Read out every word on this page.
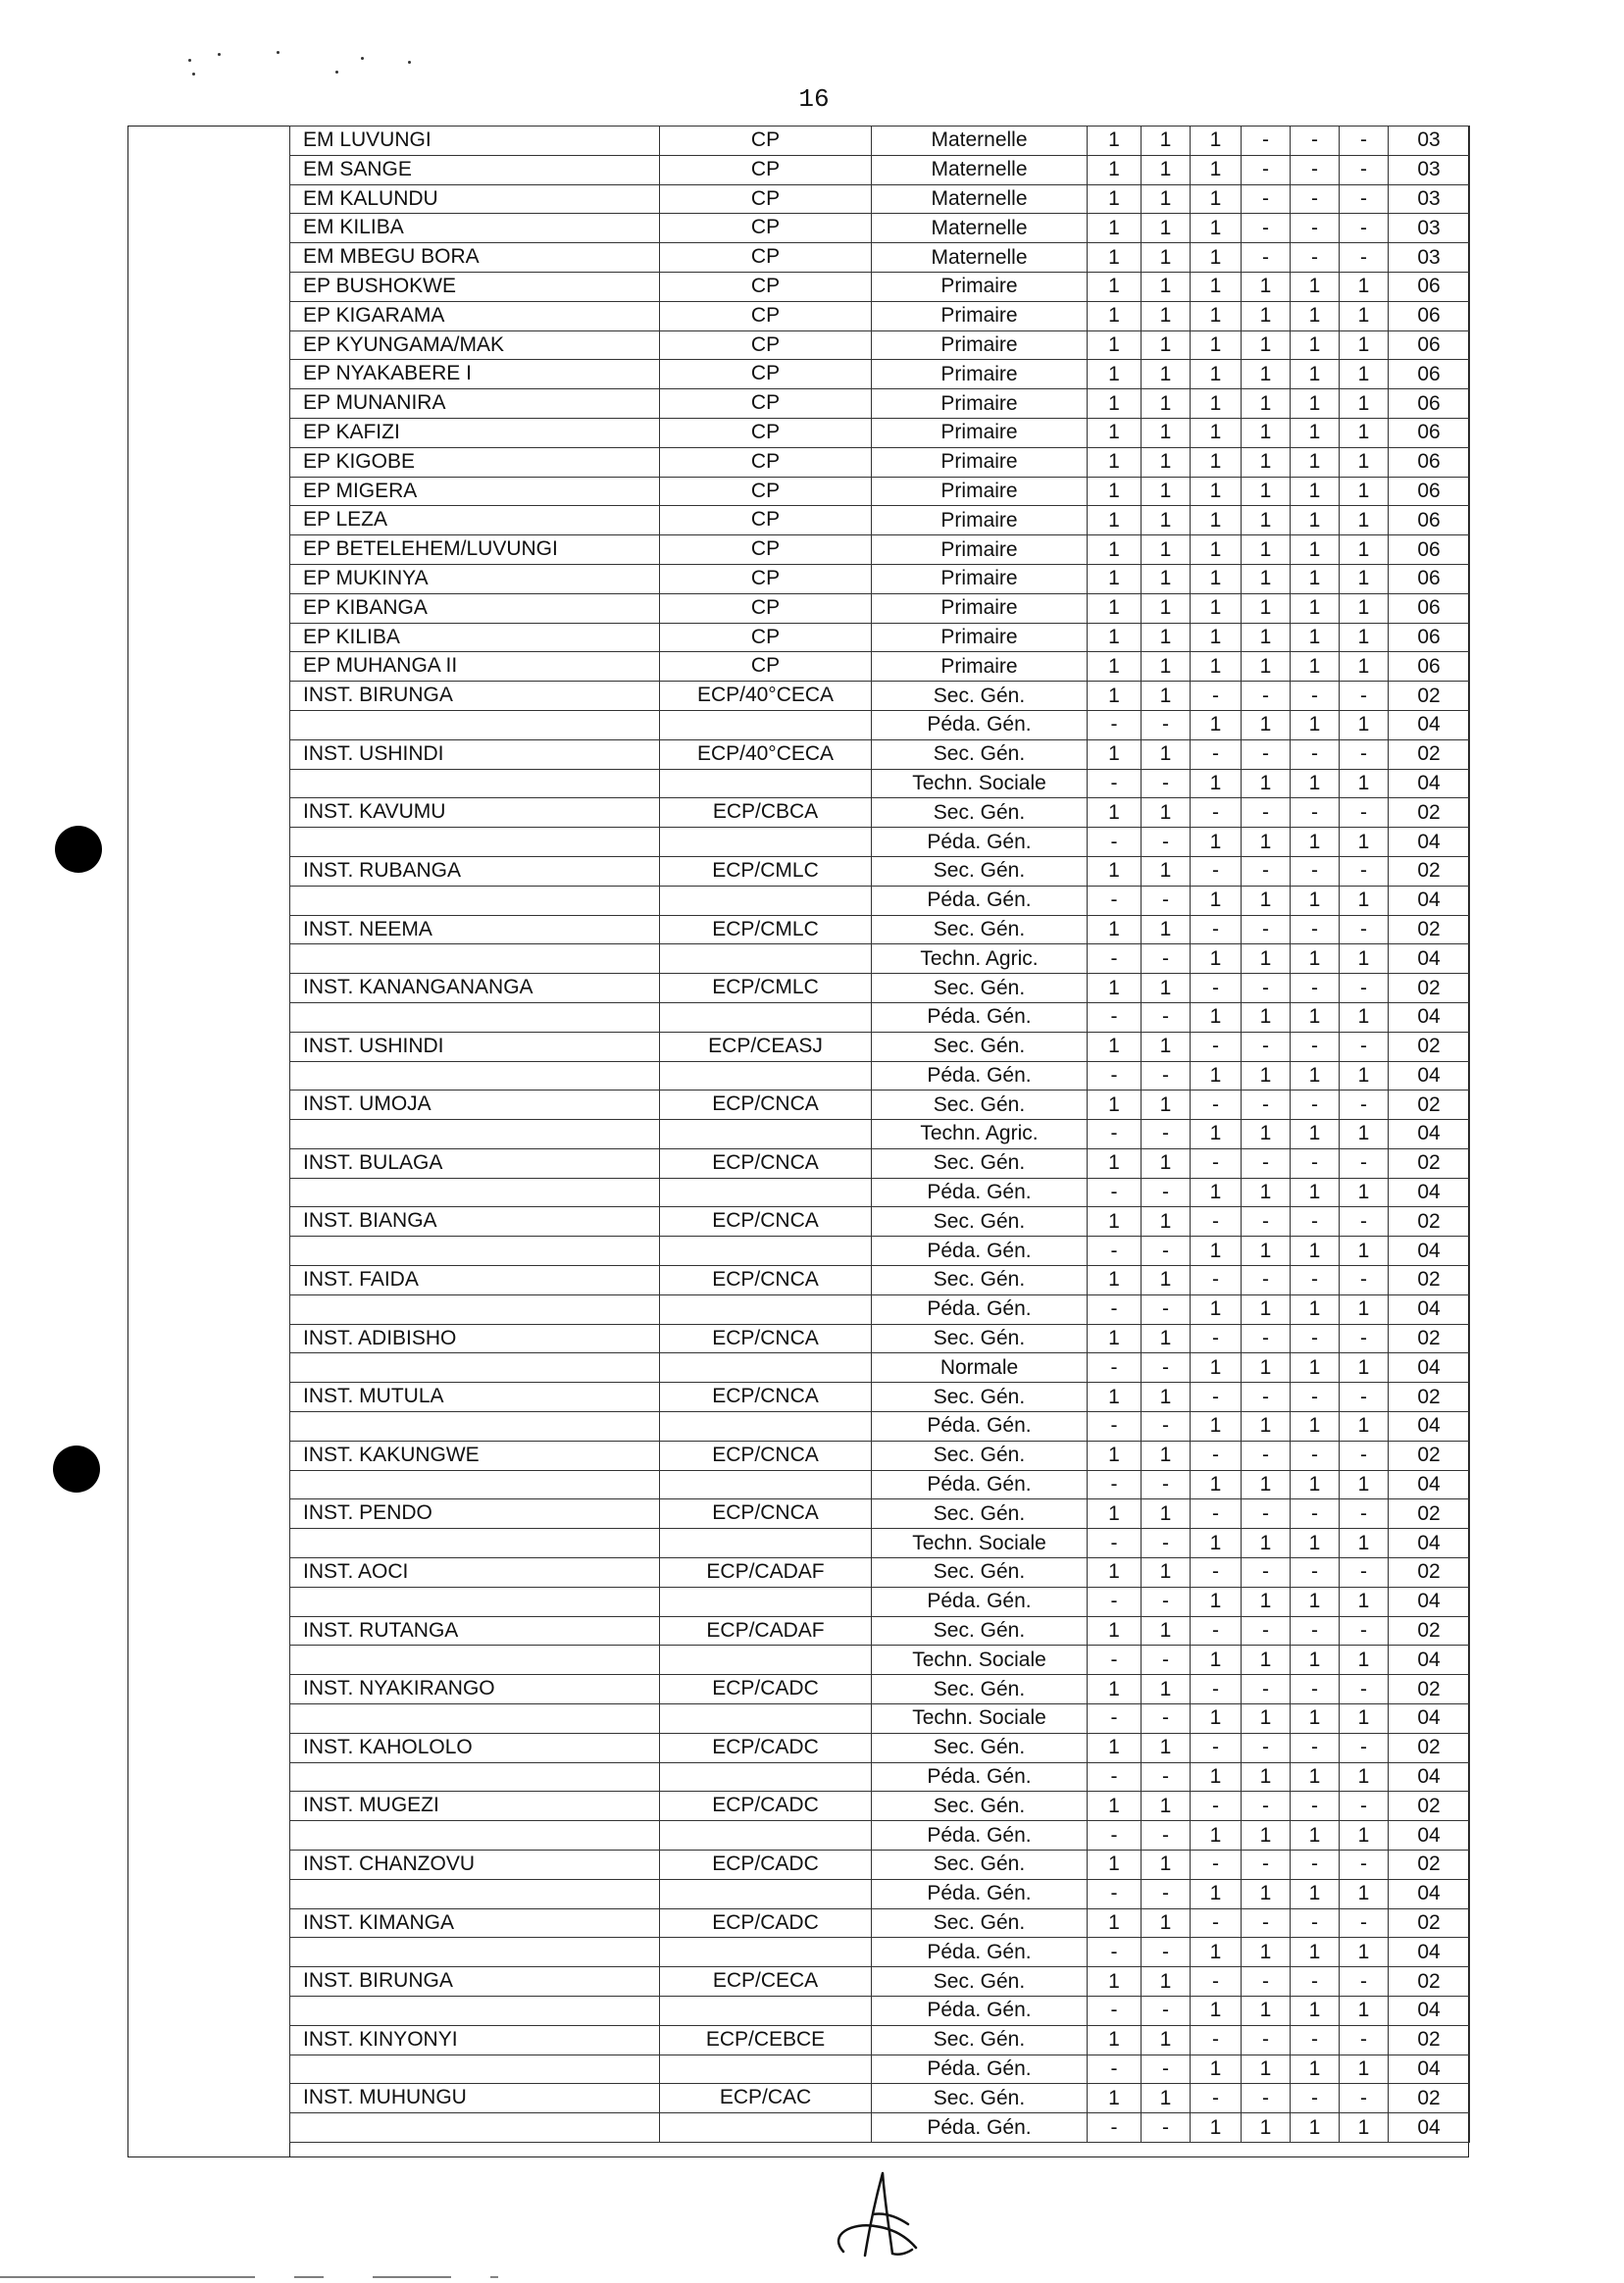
16
EM LUVUNGI	CP	Maternelle	1	1	1	-	-	-	03
EM SANGE	CP	Maternelle	1	1	1	-	-	-	03
EM KALUNDU	CP	Maternelle	1	1	1	-	-	-	03
EM KILIBA	CP	Maternelle	1	1	1	-	-	-	03
EM MBEGU BORA	CP	Maternelle	1	1	1	-	-	-	03
EP BUSHOKWE	CP	Primaire	1	1	1	1	1	1	06
EP KIGARAMA	CP	Primaire	1	1	1	1	1	1	06
EP KYUNGAMA/MAK	CP	Primaire	1	1	1	1	1	1	06
EP NYAKABERE I	CP	Primaire	1	1	1	1	1	1	06
EP MUNANIRA	CP	Primaire	1	1	1	1	1	1	06
EP KAFIZI	CP	Primaire	1	1	1	1	1	1	06
EP KIGOBE	CP	Primaire	1	1	1	1	1	1	06
EP MIGERA	CP	Primaire	1	1	1	1	1	1	06
EP LEZA	CP	Primaire	1	1	1	1	1	1	06
EP BETELEHEM/LUVUNGI	CP	Primaire	1	1	1	1	1	1	06
EP MUKINYA	CP	Primaire	1	1	1	1	1	1	06
EP KIBANGA	CP	Primaire	1	1	1	1	1	1	06
EP KILIBA	CP	Primaire	1	1	1	1	1	1	06
EP MUHANGA II	CP	Primaire	1	1	1	1	1	1	06
INST. BIRUNGA	ECP/40°CECA	Sec. Gén.	1	1	-	-	-	-	02
		Péda. Gén.	-	-	1	1	1	1	04
INST. USHINDI	ECP/40°CECA	Sec. Gén.	1	1	-	-	-	-	02
		Techn. Sociale	-	-	1	1	1	1	04
INST. KAVUMU	ECP/CBCA	Sec. Gén.	1	1	-	-	-	-	02
		Péda. Gén.	-	-	1	1	1	1	04
INST. RUBANGA	ECP/CMLC	Sec. Gén.	1	1	-	-	-	-	02
		Péda. Gén.	-	-	1	1	1	1	04
INST. NEEMA	ECP/CMLC	Sec. Gén.	1	1	-	-	-	-	02
		Techn. Agric.	-	-	1	1	1	1	04
INST. KANANGANANGA	ECP/CMLC	Sec. Gén.	1	1	-	-	-	-	02
		Péda. Gén.	-	-	1	1	1	1	04
INST. USHINDI	ECP/CEASJ	Sec. Gén.	1	1	-	-	-	-	02
		Péda. Gén.	-	-	1	1	1	1	04
INST. UMOJA	ECP/CNCA	Sec. Gén.	1	1	-	-	-	-	02
		Techn. Agric.	-	-	1	1	1	1	04
INST. BULAGA	ECP/CNCA	Sec. Gén.	1	1	-	-	-	-	02
		Péda. Gén.	-	-	1	1	1	1	04
INST. BIANGA	ECP/CNCA	Sec. Gén.	1	1	-	-	-	-	02
		Péda. Gén.	-	-	1	1	1	1	04
INST. FAIDA	ECP/CNCA	Sec. Gén.	1	1	-	-	-	-	02
		Péda. Gén.	-	-	1	1	1	1	04
INST. ADIBISHO	ECP/CNCA	Sec. Gén.	1	1	-	-	-	-	02
		Normale	-	-	1	1	1	1	04
INST. MUTULA	ECP/CNCA	Sec. Gén.	1	1	-	-	-	-	02
		Péda. Gén.	-	-	1	1	1	1	04
INST. KAKUNGWE	ECP/CNCA	Sec. Gén.	1	1	-	-	-	-	02
		Péda. Gén.	-	-	1	1	1	1	04
INST. PENDO	ECP/CNCA	Sec. Gén.	1	1	-	-	-	-	02
		Techn. Sociale	-	-	1	1	1	1	04
INST. AOCI	ECP/CADAF	Sec. Gén.	1	1	-	-	-	-	02
		Péda. Gén.	-	-	1	1	1	1	04
INST. RUTANGA	ECP/CADAF	Sec. Gén.	1	1	-	-	-	-	02
		Techn. Sociale	-	-	1	1	1	1	04
INST. NYAKIRANGO	ECP/CADC	Sec. Gén.	1	1	-	-	-	-	02
		Techn. Sociale	-	-	1	1	1	1	04
INST. KAHOLOLO	ECP/CADC	Sec. Gén.	1	1	-	-	-	-	02
		Péda. Gén.	-	-	1	1	1	1	04
INST. MUGEZI	ECP/CADC	Sec. Gén.	1	1	-	-	-	-	02
		Péda. Gén.	-	-	1	1	1	1	04
INST. CHANZOVU	ECP/CADC	Sec. Gén.	1	1	-	-	-	-	02
		Péda. Gén.	-	-	1	1	1	1	04
INST. KIMANGA	ECP/CADC	Sec. Gén.	1	1	-	-	-	-	02
		Péda. Gén.	-	-	1	1	1	1	04
INST. BIRUNGA	ECP/CECA	Sec. Gén.	1	1	-	-	-	-	02
		Péda. Gén.	-	-	1	1	1	1	04
INST. KINYONYI	ECP/CEBCE	Sec. Gén.	1	1	-	-	-	-	02
		Péda. Gén.	-	-	1	1	1	1	04
INST. MUHUNGU	ECP/CAC	Sec. Gén.	1	1	-	-	-	-	02
		Péda. Gén.	-	-	1	1	1	1	04
